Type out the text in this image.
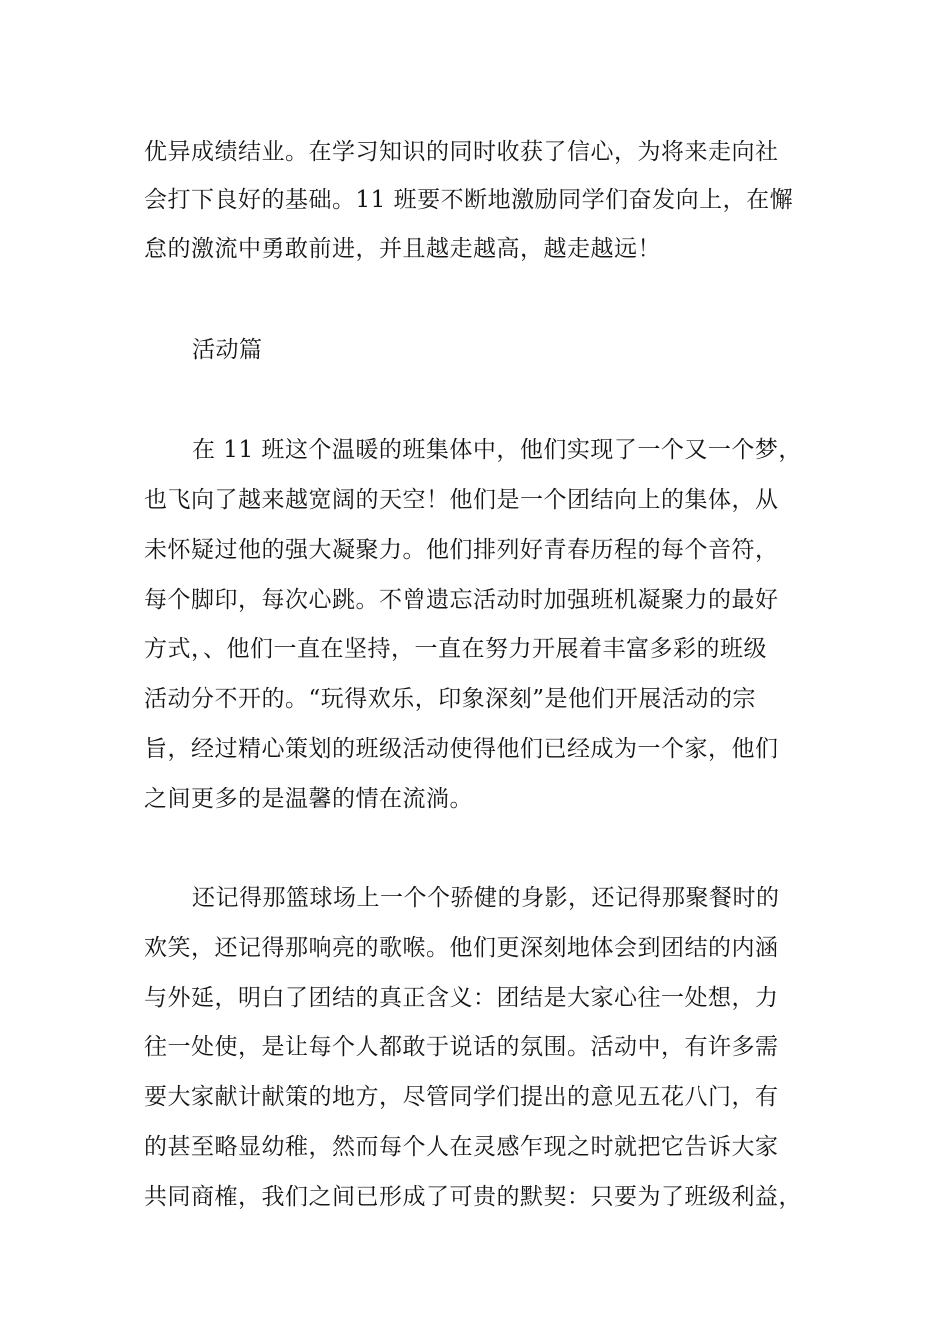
优异成绩结业。在学习知识的同时收获了信心，为将来走向社

会打下良好的基础。11 班要不断地激励同学们奋发向上，在懈

怠的激流中勇敢前进，并且越走越高，越走越远！

活动篇

在 11 班这个温暖的班集体中，他们实现了一个又一个梦，

也飞向了越来越宽阔的天空！他们是一个团结向上的集体，从

未怀疑过他的强大凝聚力。他们排列好青春历程的每个音符，

每个脚印，每次心跳。不曾遗忘活动时加强班机凝聚力的最好

方式，、他们一直在坚持，一直在努力开展着丰富多彩的班级

活动分不开的。“玩得欢乐，印象深刻”是他们开展活动的宗

旨，经过精心策划的班级活动使得他们已经成为一个家，他们

之间更多的是温馨的情在流淌。

还记得那篮球场上一个个骄健的身影，还记得那聚餐时的

欢笑，还记得那响亮的歌喉。他们更深刻地体会到团结的内涵

与外延，明白了团结的真正含义：团结是大家心往一处想，力

往一处使，是让每个人都敢于说话的氛围。活动中，有许多需

要大家献计献策的地方，尽管同学们提出的意见五花八门，有

的甚至略显幼稚，然而每个人在灵感乍现之时就把它告诉大家

共同商榷，我们之间已形成了可贵的默契：只要为了班级利益，
